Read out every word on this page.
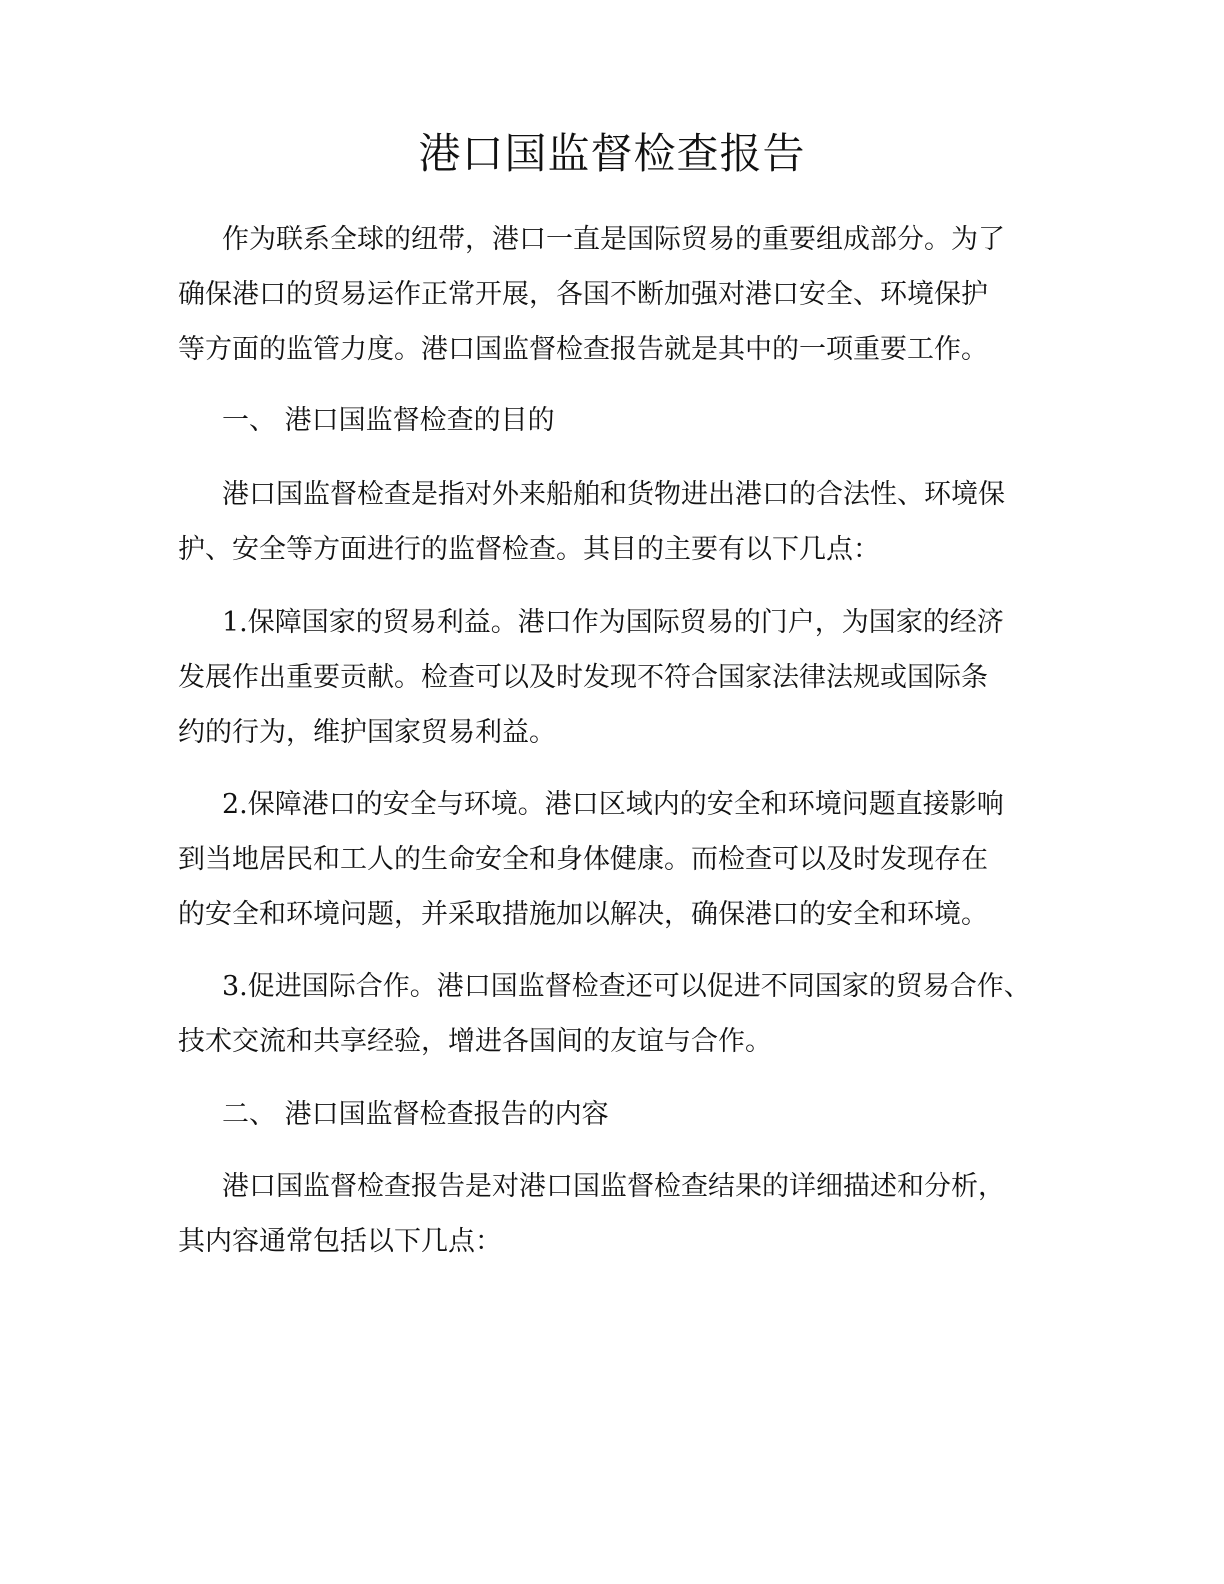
港口国监督检查报告

作为联系全球的纽带，港口一直是国际贸易的重要组成部分。为了

确保港口的贸易运作正常开展，各国不断加强对港口安全、环境保护

等方面的监管力度。港口国监督检查报告就是其中的一项重要工作。

一、 港口国监督检查的目的

港口国监督检查是指对外来船舶和货物进出港口的合法性、环境保

护、安全等方面进行的监督检查。其目的主要有以下几点：

1.保障国家的贸易利益。港口作为国际贸易的门户，为国家的经济

发展作出重要贡献。检查可以及时发现不符合国家法律法规或国际条

约的行为，维护国家贸易利益。

2.保障港口的安全与环境。港口区域内的安全和环境问题直接影响

到当地居民和工人的生命安全和身体健康。而检查可以及时发现存在

的安全和环境问题，并采取措施加以解决，确保港口的安全和环境。

3.促进国际合作。港口国监督检查还可以促进不同国家的贸易合作、

技术交流和共享经验，增进各国间的友谊与合作。

二、 港口国监督检查报告的内容

港口国监督检查报告是对港口国监督检查结果的详细描述和分析，

其内容通常包括以下几点：
